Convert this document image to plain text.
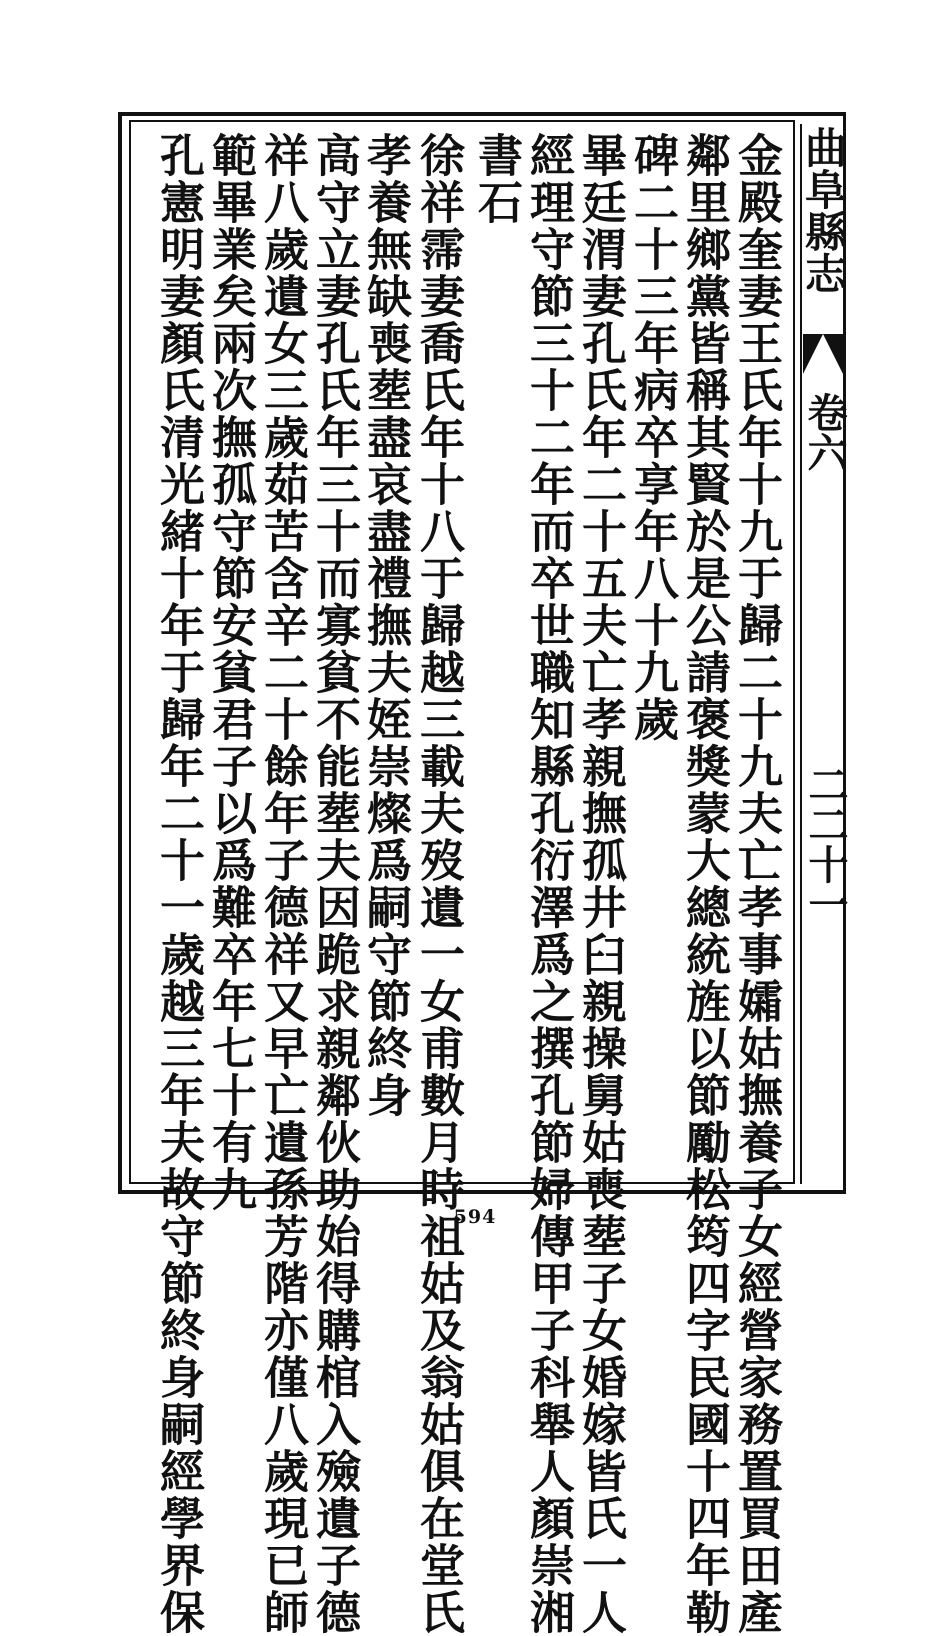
曲阜縣志
卷六
二二十一
金殿奎妻王氏年十九于歸二十九夫亡孝事孀姑撫養子女經營家務置買田產
鄰里鄉黨皆稱其賢於是公請褒獎蒙大總統旌以節勵松筠四字民國十四年勒
碑二十三年病卒享年八十九歲
畢廷渭妻孔氏年二十五夫亡孝親撫孤井臼親操舅姑喪塟子女婚嫁皆氏一人
經理守節三十二年而卒世職知縣孔衍澤爲之撰孔節婦傳甲子科舉人顏崇湘
書石
徐祥霈妻喬氏年十八于歸越三載夫歿遺一女甫數月時祖姑及翁姑俱在堂氏
孝養無缺喪塟盡哀盡禮撫夫姪崇燦爲嗣守節終身
高守立妻孔氏年三十而寡貧不能塟夫因跪求親鄰伙助始得購棺入殮遺子德
祥八歲遺女三歲茹苦含辛二十餘年子德祥又早亡遺孫芳階亦僅八歲現已師
範畢業矣兩次撫孤守節安貧君子以爲難卒年七十有九
孔憲明妻顏氏清光緒十年于歸年二十一歲越三年夫故守節終身嗣經學界保	594
